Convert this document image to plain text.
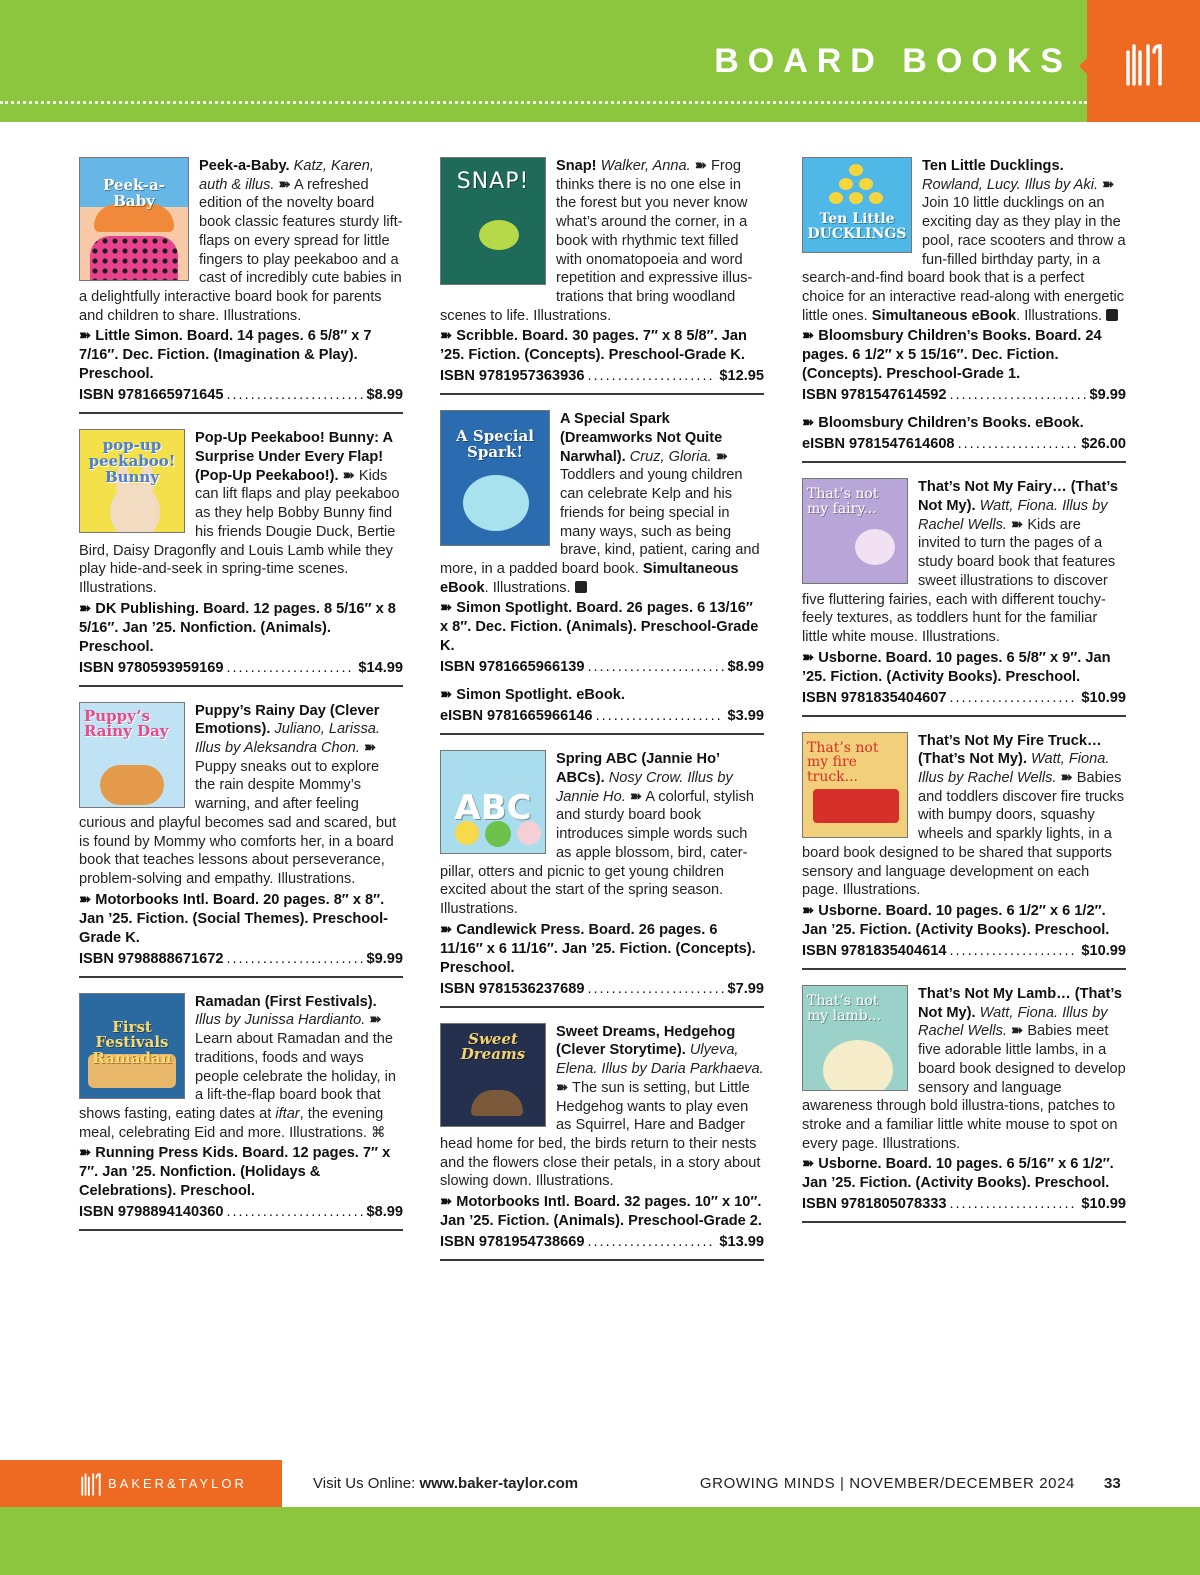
BOARD BOOKS
Peek-a-Baby
Peek-a-Baby. Katz, Karen, auth & illus. ➽ A refreshed edition of the novelty board book classic features sturdy lift-flaps on every spread for little fingers to play peekaboo and a cast of incredibly cute babies in a delightfully interactive board book for parents and children to share. Illustrations.
➽ Little Simon. Board. 14 pages. 6 5/8″ x 7 7/16″. Dec. Fiction. (Imagination & Play). Preschool.
ISBN 9781665971645 .....	$8.99
pop-up peekaboo! Bunny
Pop-Up Peekaboo! Bunny: A Surprise Under Every Flap! (Pop-Up Peekaboo!). ➽ Kids can lift flaps and play peekaboo as they help Bobby Bunny find his friends Dougie Duck, Bertie Bird, Daisy Dragonfly and Louis Lamb while they play hide-and-seek in spring-time scenes. Illustrations.
➽ DK Publishing. Board. 12 pages. 8 5/16″ x 8 5/16″. Jan ’25. Nonfiction. (Animals). Preschool.
ISBN 9780593959169 .....	$14.99
Puppy’s Rainy Day
Puppy’s Rainy Day (Clever Emotions). Juliano, Larissa. Illus by Aleksandra Chon. ➽ Puppy sneaks out to explore the rain despite Mommy’s warning, and after feeling curious and playful becomes sad and scared, but is found by Mommy who comforts her, in a board book that teaches lessons about perseverance, problem-solving and empathy. Illustrations.
➽ Motorbooks Intl. Board. 20 pages. 8″ x 8″. Jan ’25. Fiction. (Social Themes). Preschool-Grade K.
ISBN 9798888671672 .....	$9.99
First Festivals Ramadan
Ramadan (First Festivals). Illus by Junissa Hardianto. ➽ Learn about Ramadan and the traditions, foods and ways people celebrate the holiday, in a lift-the-flap board book that shows fasting, eating dates at iftar, the evening meal, celebrating Eid and more. Illustrations. ⌘
➽ Running Press Kids. Board. 12 pages. 7″ x 7″. Jan ’25. Nonfiction. (Holidays & Celebrations). Preschool.
ISBN 9798894140360 .....	$8.99
SNAP!
Snap! Walker, Anna. ➽ Frog thinks there is no one else in the forest but you never know what’s around the corner, in a book with rhythmic text filled with onomatopoeia and word repetition and expressive illus-trations that bring woodland scenes to life. Illustrations.
➽ Scribble. Board. 30 pages. 7″ x 8 5/8″. Jan ’25. Fiction. (Concepts). Preschool-Grade K.
ISBN 9781957363936 .....	$12.95
A Special Spark!
A Special Spark (Dreamworks Not Quite Narwhal). Cruz, Gloria. ➽ Toddlers and young children can celebrate Kelp and his friends for being special in many ways, such as being brave, kind, patient, caring and more, in a padded board book. Simultaneous eBook. Illustrations.
➽ Simon Spotlight. Board. 26 pages. 6 13/16″ x 8″. Dec. Fiction. (Animals). Preschool-Grade K.
ISBN 9781665966139 .....	$8.99
➽ Simon Spotlight. eBook.
eISBN 9781665966146 .....	$3.99
ABC
Spring ABC (Jannie Ho’ ABCs). Nosy Crow. Illus by Jannie Ho. ➽ A colorful, stylish and sturdy board book introduces simple words such as apple blossom, bird, cater-pillar, otters and picnic to get young children excited about the start of the spring season. Illustrations.
➽ Candlewick Press. Board. 26 pages. 6 11/16″ x 6 11/16″. Jan ’25. Fiction. (Concepts). Preschool.
ISBN 9781536237689 .....	$7.99
Sweet Dreams
Sweet Dreams, Hedgehog (Clever Storytime). Ulyeva, Elena. Illus by Daria Parkhaeva. ➽ The sun is setting, but Little Hedgehog wants to play even as Squirrel, Hare and Badger head home for bed, the birds return to their nests and the flowers close their petals, in a story about slowing down. Illustrations.
➽ Motorbooks Intl. Board. 32 pages. 10″ x 10″. Jan ’25. Fiction. (Animals). Preschool-Grade 2.
ISBN 9781954738669 .....	$13.99
Ten Little DUCKLINGS
Ten Little Ducklings. Rowland, Lucy. Illus by Aki. ➽ Join 10 little ducklings on an exciting day as they play in the pool, race scooters and throw a fun-filled birthday party, in a search-and-find board book that is a perfect choice for an interactive read-along with energetic little ones. Simultaneous eBook. Illustrations.
➽ Bloomsbury Children’s Books. Board. 24 pages. 6 1/2″ x 5 15/16″. Dec. Fiction. (Concepts). Preschool-Grade 1.
ISBN 9781547614592 .....	$9.99
➽ Bloomsbury Children’s Books. eBook.
eISBN 9781547614608 .....	$26.00
That’s not my fairy...
That’s Not My Fairy… (That’s Not My). Watt, Fiona. Illus by Rachel Wells. ➽ Kids are invited to turn the pages of a study board book that features sweet illustrations to discover five fluttering fairies, each with different touchy-feely textures, as toddlers hunt for the familiar little white mouse. Illustrations.
➽ Usborne. Board. 10 pages. 6 5/8″ x 9″. Jan ’25. Fiction. (Activity Books). Preschool.
ISBN 9781835404607 .....	$10.99
That’s not my fire truck...
That’s Not My Fire Truck… (That’s Not My). Watt, Fiona. Illus by Rachel Wells. ➽ Babies and toddlers discover fire trucks with bumpy doors, squashy wheels and sparkly lights, in a board book designed to be shared that supports sensory and language development on each page. Illustrations.
➽ Usborne. Board. 10 pages. 6 1/2″ x 6 1/2″. Jan ’25. Fiction. (Activity Books). Preschool.
ISBN 9781835404614 .....	$10.99
That’s not my lamb...
That’s Not My Lamb… (That’s Not My). Watt, Fiona. Illus by Rachel Wells. ➽ Babies meet five adorable little lambs, in a board book designed to develop sensory and language awareness through bold illustra-tions, patches to stroke and a familiar little white mouse to spot on every page. Illustrations.
➽ Usborne. Board. 10 pages. 6 5/16″ x 6 1/2″. Jan ’25. Fiction. (Activity Books). Preschool.
ISBN 9781805078333 .....	$10.99
BAKER&TAYLOR	Visit Us Online: www.baker-taylor.com	GROWING MINDS | NOVEMBER/DECEMBER 2024 33
